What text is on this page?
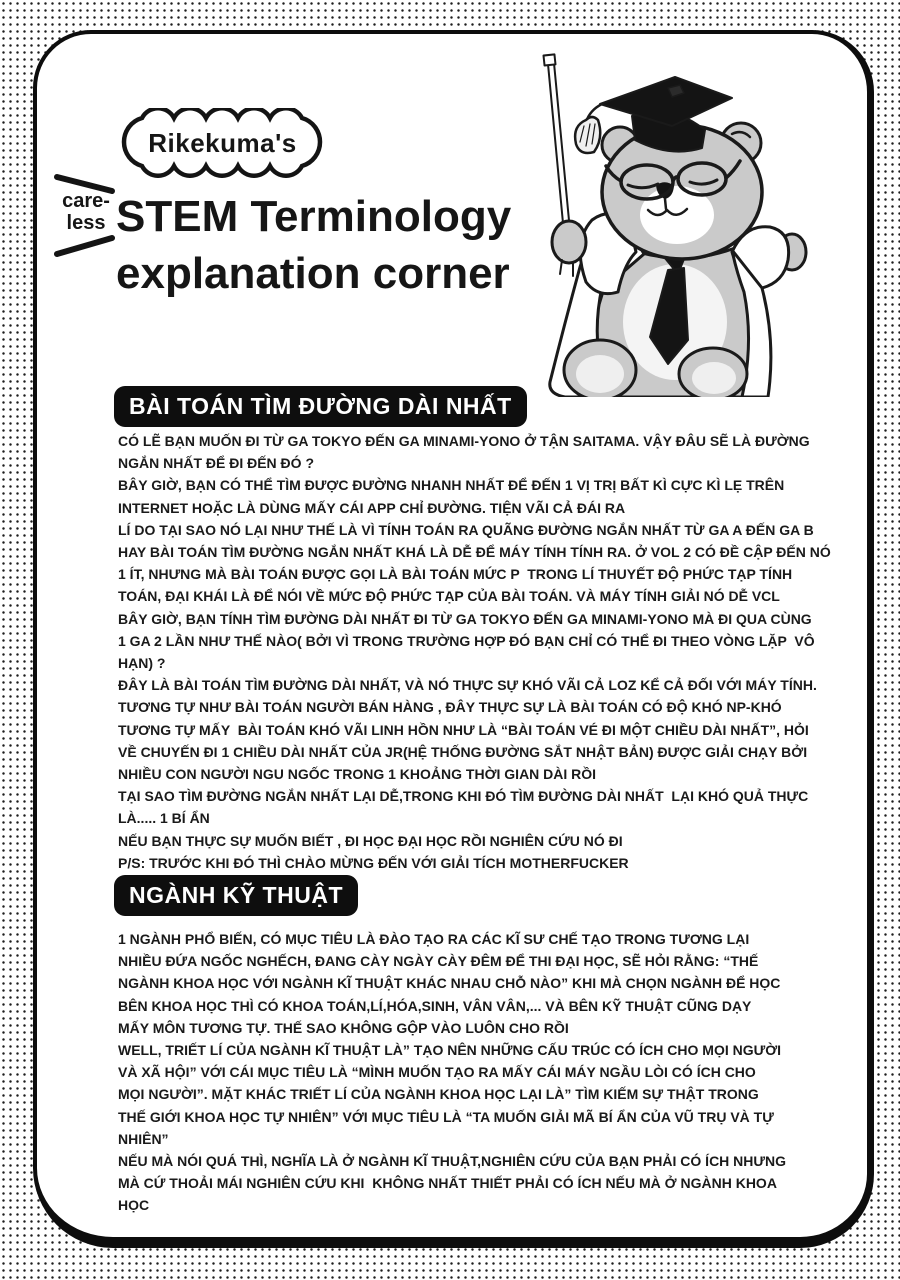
Rikekuma's
care-
less STEM Terminology
explanation corner
BÀI TOÁN TÌM ĐƯỜNG DÀI NHẤT
CÓ LẼ BẠN MUỐN ĐI TỪ GA TOKYO ĐẾN GA MINAMI-YONO Ở TẬN SAITAMA. VẬY ĐÂU SẼ LÀ ĐƯỜNG
NGẮN NHẤT ĐỂ ĐI ĐẾN ĐÓ ?
BÂY GIỜ, BẠN CÓ THỂ TÌM ĐƯỢC ĐƯỜNG NHANH NHẤT ĐỂ ĐẾN 1 VỊ TRỊ BẤT KÌ CỰC KÌ LẸ TRÊN
INTERNET HOẶC LÀ DÙNG MẤY CÁI APP CHỈ ĐƯỜNG. TIỆN VÃI CẢ ĐÁI RA
LÍ DO TẠI SAO NÓ LẠI NHƯ THẾ LÀ VÌ TÍNH TOÁN RA QUÃNG ĐƯỜNG NGẮN NHẤT TỪ GA A ĐẾN GA B
HAY BÀI TOÁN TÌM ĐƯỜNG NGẮN NHẤT KHÁ LÀ DỄ ĐỂ MÁY TÍNH TÍNH RA. Ở VOL 2 CÓ ĐỀ CẬP ĐẾN NÓ
1 ÍT, NHƯNG MÀ BÀI TOÁN ĐƯỢC GỌI LÀ BÀI TOÁN MỨC P  TRONG LÍ THUYẾT ĐỘ PHỨC TẠP TÍNH
TOÁN, ĐẠI KHÁI LÀ ĐỂ NÓI VỀ MỨC ĐỘ PHỨC TẠP CỦA BÀI TOÁN. VÀ MÁY TÍNH GIẢI NÓ DỄ VCL
BÂY GIỜ, BẠN TÍNH TÌM ĐƯỜNG DÀI NHẤT ĐI TỪ GA TOKYO ĐẾN GA MINAMI-YONO MÀ ĐI QUA CÙNG
1 GA 2 LẦN NHƯ THẾ NÀO( BỞI VÌ TRONG TRƯỜNG HỢP ĐÓ BẠN CHỈ CÓ THỂ ĐI THEO VÒNG LẶP  VÔ
HẠN) ?
ĐÂY LÀ BÀI TOÁN TÌM ĐƯỜNG DÀI NHẤT, VÀ NÓ THỰC SỰ KHÓ VÃI CẢ LOZ KỂ CẢ ĐỐI VỚI MÁY TÍNH.
TƯƠNG TỰ NHƯ BÀI TOÁN NGƯỜI BÁN HÀNG , ĐÂY THỰC SỰ LÀ BÀI TOÁN CÓ ĐỘ KHÓ NP-KHÓ
TƯƠNG TỰ MẤY  BÀI TOÁN KHÓ VÃI LINH HỒN NHƯ LÀ “BÀI TOÁN VÉ ĐI MỘT CHIỀU DÀI NHẤT”, HỎI
VỀ CHUYẾN ĐI 1 CHIỀU DÀI NHẤT CỦA JR(HỆ THỐNG ĐƯỜNG SẮT NHẬT BẢN) ĐƯỢC GIẢI CHẠY BỞI
NHIỀU CON NGƯỜI NGU NGỐC TRONG 1 KHOẢNG THỜI GIAN DÀI RỒI
TẠI SAO TÌM ĐƯỜNG NGẮN NHẤT LẠI DỄ,TRONG KHI ĐÓ TÌM ĐƯỜNG DÀI NHẤT  LẠI KHÓ QUẢ THỰC
LÀ..... 1 BÍ ẨN
NẾU BẠN THỰC SỰ MUỐN BIẾT , ĐI HỌC ĐẠI HỌC RỒI NGHIÊN CỨU NÓ ĐI
P/S: TRƯỚC KHI ĐÓ THÌ CHÀO MỪNG ĐẾN VỚI GIẢI TÍCH MOTHERFUCKER
NGÀNH KỸ THUẬT
1 NGÀNH PHỔ BIẾN, CÓ MỤC TIÊU LÀ ĐÀO TẠO RA CÁC KĨ SƯ CHẾ TẠO TRONG TƯƠNG LẠI
NHIỀU ĐỨA NGỐC NGHẾCH, ĐANG CÀY NGÀY CÀY ĐÊM ĐỂ THI ĐẠI HỌC, SẼ HỎI RẰNG: “THẾ
NGÀNH KHOA HỌC VỚI NGÀNH KĨ THUẬT KHÁC NHAU CHỖ NÀO” KHI MÀ CHỌN NGÀNH ĐỂ HỌC
BÊN KHOA HỌC THÌ CÓ KHOA TOÁN,LÍ,HÓA,SINH, VÂN VÂN,... VÀ BÊN KỸ THUẬT CŨNG DẠY
MẤY MÔN TƯƠNG TỰ. THẾ SAO KHÔNG GỘP VÀO LUÔN CHO RỒI
WELL, TRIẾT LÍ CỦA NGÀNH KĨ THUẬT LÀ” TẠO NÊN NHỮNG CẤU TRÚC CÓ ÍCH CHO MỌI NGƯỜI
VÀ XÃ HỘI” VỚI CÁI MỤC TIÊU LÀ “MÌNH MUỐN TẠO RA MẤY CÁI MÁY NGẦU LÒI CÓ ÍCH CHO
MỌI NGƯỜI”. MẶT KHÁC TRIẾT LÍ CỦA NGÀNH KHOA HỌC LẠI LÀ” TÌM KIẾM SỰ THẬT TRONG
THẾ GIỚI KHOA HỌC TỰ NHIÊN” VỚI MỤC TIÊU LÀ “TA MUỐN GIẢI MÃ BÍ ẨN CỦA VŨ TRỤ VÀ TỰ
NHIÊN”
NẾU MÀ NÓI QUÁ THÌ, NGHĨA LÀ Ở NGÀNH KĨ THUẬT,NGHIÊN CỨU CỦA BẠN PHẢI CÓ ÍCH NHƯNG
MÀ CỨ THOẢI MÁI NGHIÊN CỨU KHI  KHÔNG NHẤT THIẾT PHẢI CÓ ÍCH NẾU MÀ Ở NGÀNH KHOA
HỌC
